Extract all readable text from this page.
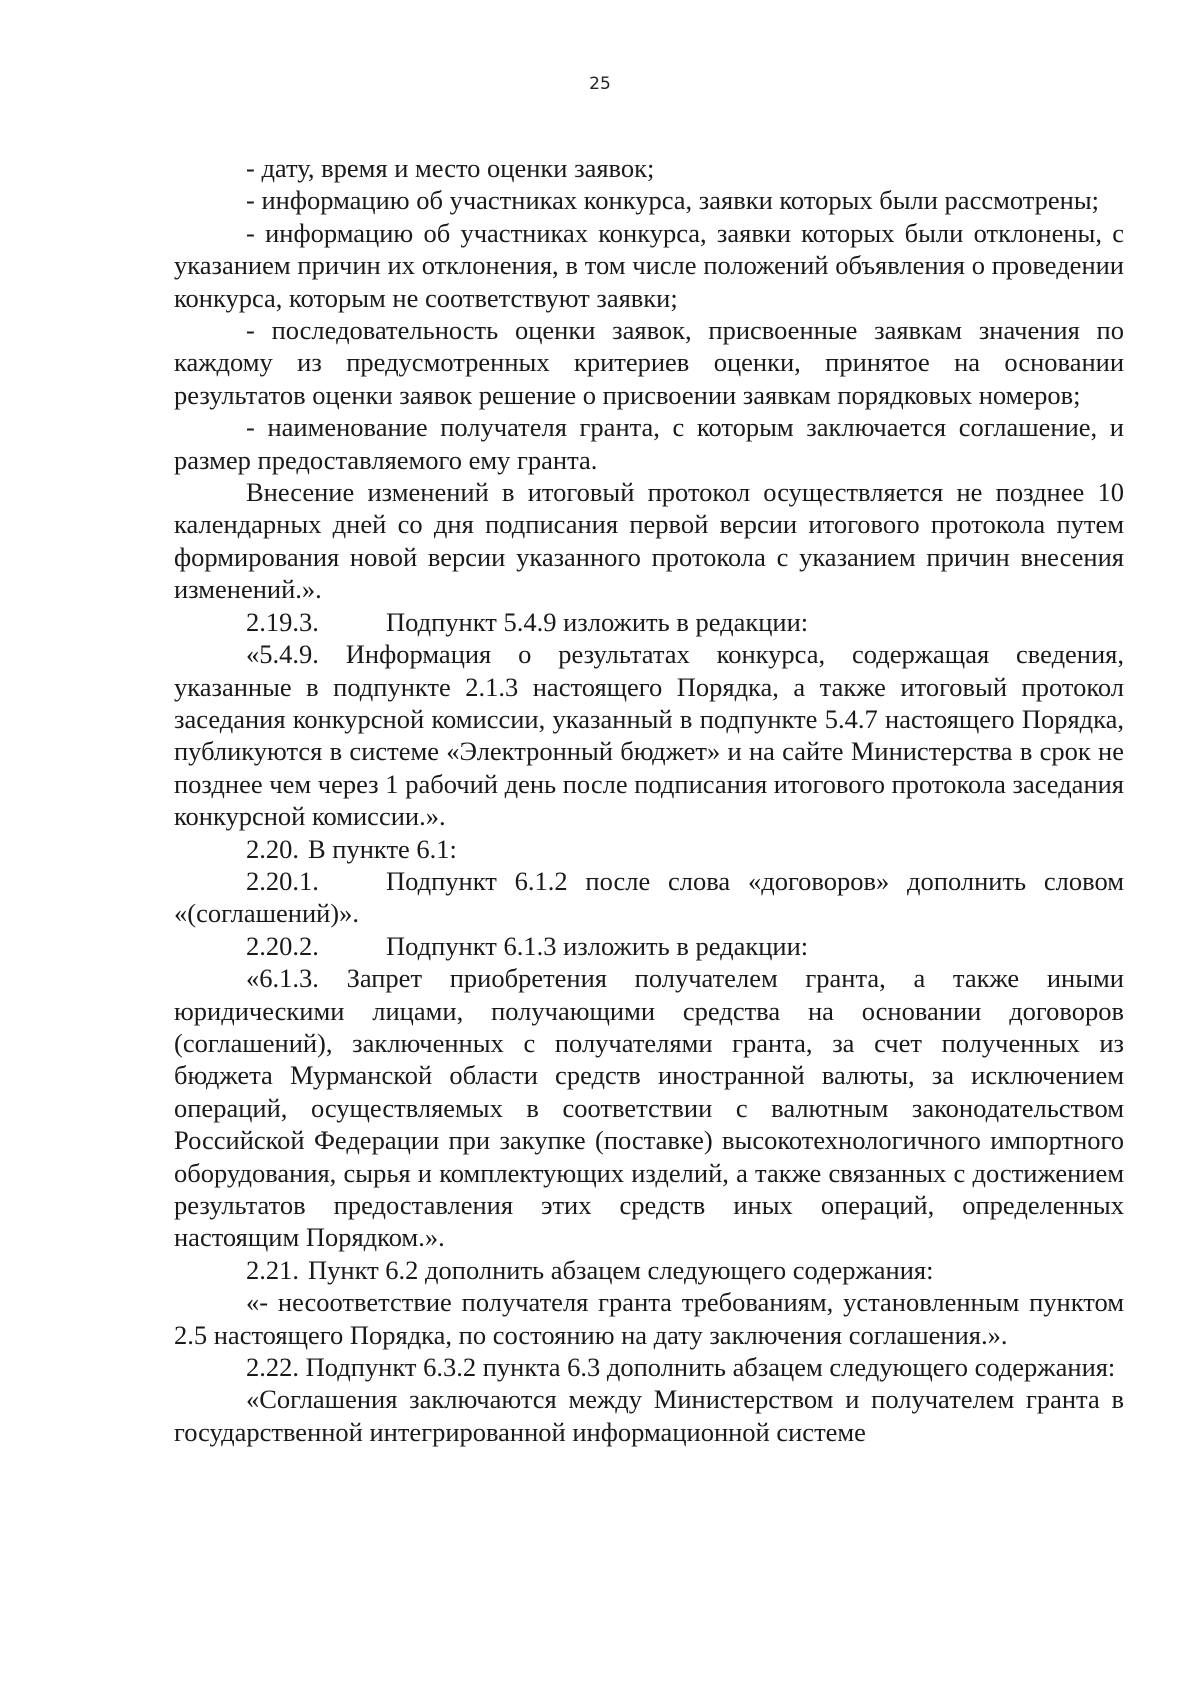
25

- дату, время и место оценки заявок;

- информацию об участниках конкурса, заявки которых были рассмотрены;

- информацию об участниках конкурса, заявки которых были отклонены, с указанием причин их отклонения, в том числе положений объявления о проведении конкурса, которым не соответствуют заявки;

- последовательность оценки заявок, присвоенные заявкам значения по каждому из предусмотренных критериев оценки, принятое на основании результатов оценки заявок решение о присвоении заявкам порядковых номеров;

- наименование получателя гранта, с которым заключается соглашение, и размер предоставляемого ему гранта.

Внесение изменений в итоговый протокол осуществляется не позднее 10 календарных дней со дня подписания первой версии итогового протокола путем формирования новой версии указанного протокола с указанием причин внесения изменений.».

2.19.3.	Подпункт 5.4.9 изложить в редакции:

«5.4.9. Информация о результатах конкурса, содержащая сведения, указанные в подпункте 2.1.3 настоящего Порядка, а также итоговый протокол заседания конкурсной комиссии, указанный в подпункте 5.4.7 настоящего Порядка, публикуются в системе «Электронный бюджет» и на сайте Министерства в срок не позднее чем через 1 рабочий день после подписания итогового протокола заседания конкурсной комиссии.».

2.20. В пункте 6.1:

2.20.1.	Подпункт 6.1.2 после слова «договоров» дополнить словом «(соглашений)».

2.20.2.	Подпункт 6.1.3 изложить в редакции:

«6.1.3. Запрет приобретения получателем гранта, а также иными юридическими лицами, получающими средства на основании договоров (соглашений), заключенных с получателями гранта, за счет полученных из бюджета Мурманской области средств иностранной валюты, за исключением операций, осуществляемых в соответствии с валютным законодательством Российской Федерации при закупке (поставке) высокотехнологичного импортного оборудования, сырья и комплектующих изделий, а также связанных с достижением результатов предоставления этих средств иных операций, определенных настоящим Порядком.».

2.21. Пункт 6.2 дополнить абзацем следующего содержания:

«- несоответствие получателя гранта требованиям, установленным пунктом 2.5 настоящего Порядка, по состоянию на дату заключения соглашения.».

2.22. Подпункт 6.3.2 пункта 6.3 дополнить абзацем следующего содержания:

«Соглашения заключаются между Министерством и получателем гранта в государственной интегрированной информационной системе
